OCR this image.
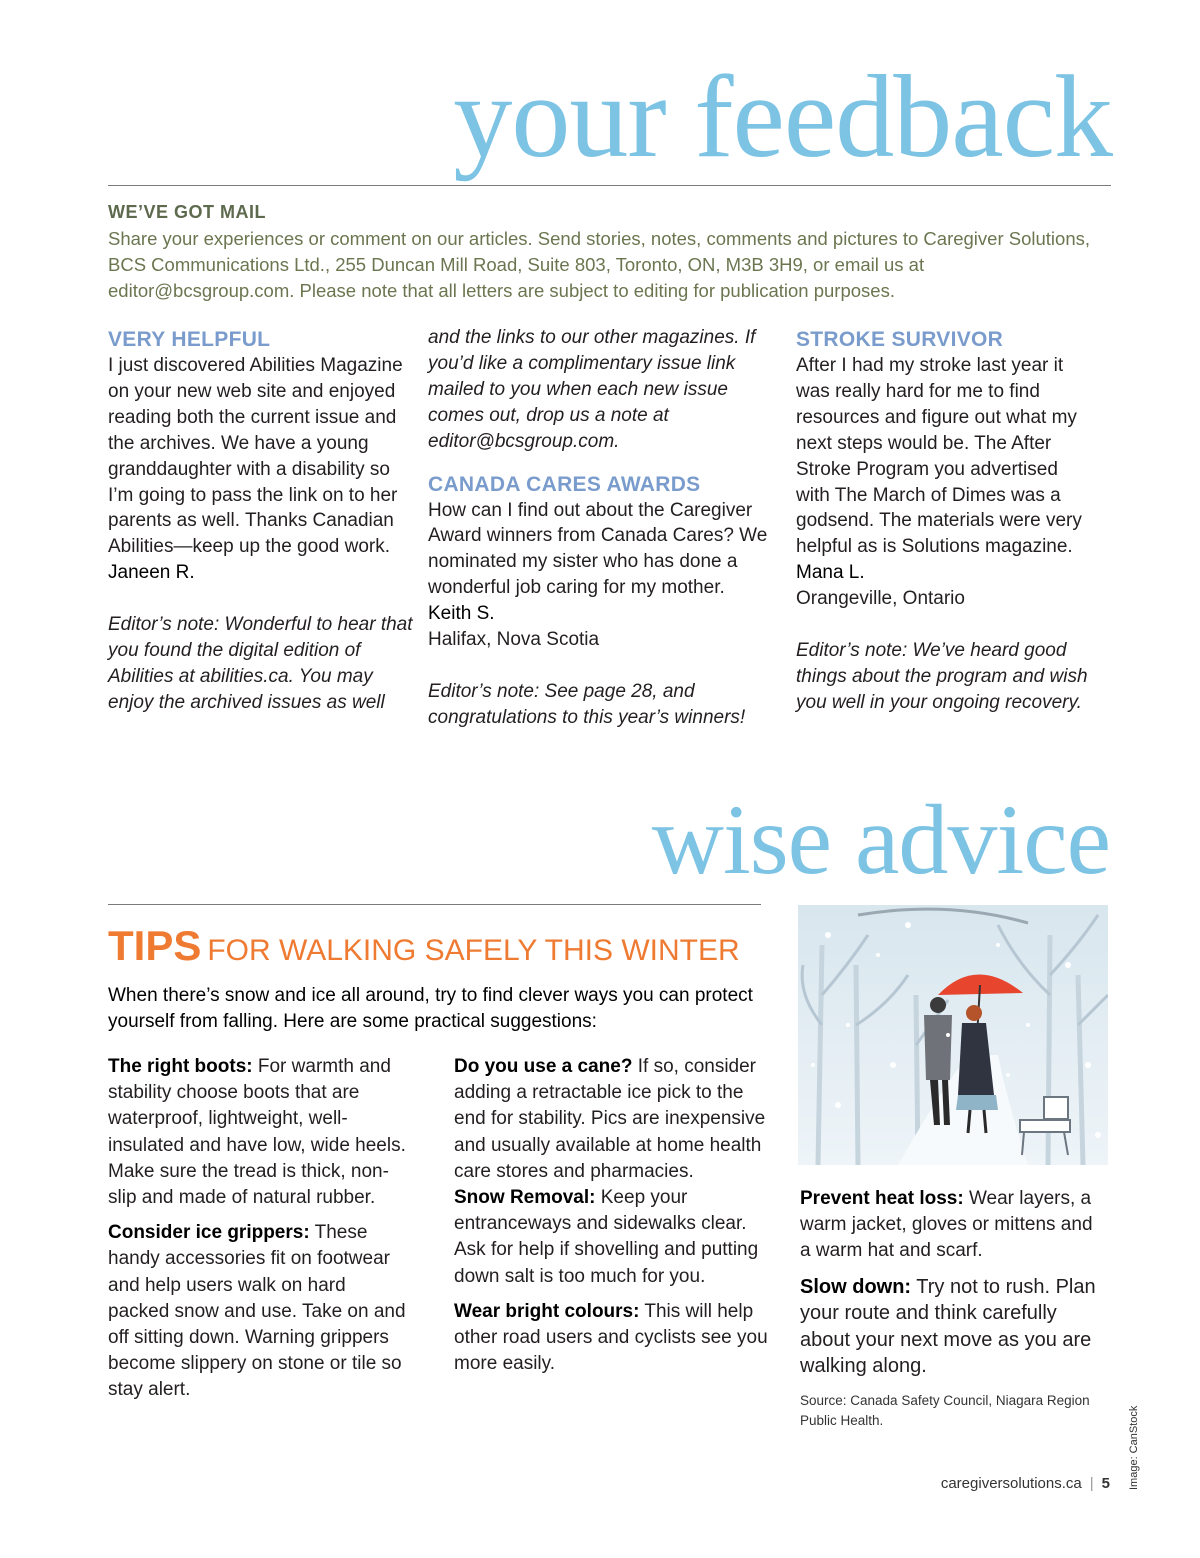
your feedback
WE’VE GOT MAIL
Share your experiences or comment on our articles. Send stories, notes, comments and pictures to Caregiver Solutions, BCS Communications Ltd., 255 Duncan Mill Road, Suite 803, Toronto, ON, M3B 3H9, or email us at editor@bcsgroup.com. Please note that all letters are subject to editing for publication purposes.

VERY HELPFUL

I just discovered Abilities Magazine on your new web site and enjoyed reading both the current issue and the archives. We have a young granddaughter with a disability so I’m going to pass the link on to her parents as well. Thanks Canadian Abilities—keep up the good work.

Janeen R.

Editor’s note: Wonderful to hear that you found the digital edition of Abilities at abilities.ca. You may enjoy the archived issues as well

and the links to our other magazines. If you’d like a complimentary issue link mailed to you when each new issue comes out, drop us a note at editor@bcsgroup.com.

CANADA CARES AWARDS

How can I find out about the Caregiver Award winners from Canada Cares? We nominated my sister who has done a wonderful job caring for my mother.

Keith S.

Halifax, Nova Scotia

Editor’s note: See page 28, and congratulations to this year’s winners!

STROKE SURVIVOR

After I had my stroke last year it was really hard for me to find resources and figure out what my next steps would be. The After Stroke Program you advertised with The March of Dimes was a godsend. The materials were very helpful as is Solutions magazine.

Mana L.

Orangeville, Ontario

Editor’s note: We’ve heard good things about the program and wish you well in your ongoing recovery.

wise advice
TIPS FOR WALKING SAFELY THIS WINTER
When there’s snow and ice all around, try to find clever ways you can protect yourself from falling. Here are some practical suggestions:

The right boots: For warmth and stability choose boots that are waterproof, lightweight, well-insulated and have low, wide heels. Make sure the tread is thick, non-slip and made of natural rubber.

Consider ice grippers: These handy accessories fit on footwear and help users walk on hard packed snow and use. Take on and off sitting down. Warning grippers become slippery on stone or tile so stay alert.

Do you use a cane? If so, consider adding a retractable ice pick to the end for stability. Pics are inexpensive and usually available at home health care stores and pharmacies.

Snow Removal: Keep your entranceways and sidewalks clear. Ask for help if shovelling and putting down salt is too much for you.

Wear bright colours: This will help other road users and cyclists see you more easily.

Prevent heat loss: Wear layers, a warm jacket, gloves or mittens and a warm hat and scarf.

Slow down: Try not to rush. Plan your route and think carefully about your next move as you are walking along.

Source: Canada Safety Council, Niagara Region Public Health.
caregiversolutions.ca | 5 Image: CanStock
